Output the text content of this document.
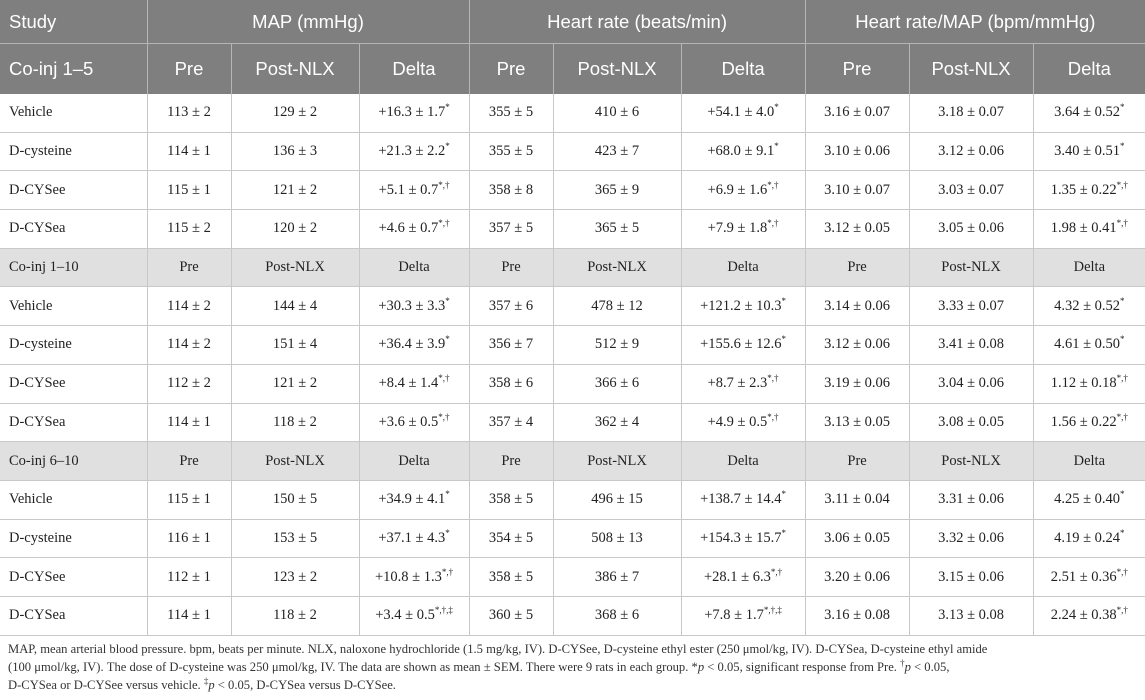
Study	MAP (mmHg)			Heart rate (beats/min)			Heart rate/MAP (bpm/mmHg)		
Co-inj 1–5	Pre	Post-NLX	Delta	Pre	Post-NLX	Delta	Pre	Post-NLX	Delta
Vehicle	113 ± 2	129 ± 2	+16.3 ± 1.7*	355 ± 5	410 ± 6	+54.1 ± 4.0*	3.16 ± 0.07	3.18 ± 0.07	3.64 ± 0.52*
D-cysteine	114 ± 1	136 ± 3	+21.3 ± 2.2*	355 ± 5	423 ± 7	+68.0 ± 9.1*	3.10 ± 0.06	3.12 ± 0.06	3.40 ± 0.51*
D-CYSee	115 ± 1	121 ± 2	+5.1 ± 0.7*,†	358 ± 8	365 ± 9	+6.9 ± 1.6*,†	3.10 ± 0.07	3.03 ± 0.07	1.35 ± 0.22*,†
D-CYSea	115 ± 2	120 ± 2	+4.6 ± 0.7*,†	357 ± 5	365 ± 5	+7.9 ± 1.8*,†	3.12 ± 0.05	3.05 ± 0.06	1.98 ± 0.41*,†
Co-inj 1–10	Pre	Post-NLX	Delta	Pre	Post-NLX	Delta	Pre	Post-NLX	Delta
Vehicle	114 ± 2	144 ± 4	+30.3 ± 3.3*	357 ± 6	478 ± 12	+121.2 ± 10.3*	3.14 ± 0.06	3.33 ± 0.07	4.32 ± 0.52*
D-cysteine	114 ± 2	151 ± 4	+36.4 ± 3.9*	356 ± 7	512 ± 9	+155.6 ± 12.6*	3.12 ± 0.06	3.41 ± 0.08	4.61 ± 0.50*
D-CYSee	112 ± 2	121 ± 2	+8.4 ± 1.4*,†	358 ± 6	366 ± 6	+8.7 ± 2.3*,†	3.19 ± 0.06	3.04 ± 0.06	1.12 ± 0.18*,†
D-CYSea	114 ± 1	118 ± 2	+3.6 ± 0.5*,†	357 ± 4	362 ± 4	+4.9 ± 0.5*,†	3.13 ± 0.05	3.08 ± 0.05	1.56 ± 0.22*,†
Co-inj 6–10	Pre	Post-NLX	Delta	Pre	Post-NLX	Delta	Pre	Post-NLX	Delta
Vehicle	115 ± 1	150 ± 5	+34.9 ± 4.1*	358 ± 5	496 ± 15	+138.7 ± 14.4*	3.11 ± 0.04	3.31 ± 0.06	4.25 ± 0.40*
D-cysteine	116 ± 1	153 ± 5	+37.1 ± 4.3*	354 ± 5	508 ± 13	+154.3 ± 15.7*	3.06 ± 0.05	3.32 ± 0.06	4.19 ± 0.24*
D-CYSee	112 ± 1	123 ± 2	+10.8 ± 1.3*,†	358 ± 5	386 ± 7	+28.1 ± 6.3*,†	3.20 ± 0.06	3.15 ± 0.06	2.51 ± 0.36*,†
D-CYSea	114 ± 1	118 ± 2	+3.4 ± 0.5*,†,‡	360 ± 5	368 ± 6	+7.8 ± 1.7*,†,‡	3.16 ± 0.08	3.13 ± 0.08	2.24 ± 0.38*,†
MAP, mean arterial blood pressure. bpm, beats per minute. NLX, naloxone hydrochloride (1.5 mg/kg, IV). D-CYSee, D-cysteine ethyl ester (250 μmol/kg, IV). D-CYSea, D-cysteine ethyl amide
(100 μmol/kg, IV). The dose of D-cysteine was 250 μmol/kg, IV. The data are shown as mean ± SEM. There were 9 rats in each group. *p < 0.05, significant response from Pre. †p < 0.05,
D-CYSea or D-CYSee versus vehicle. ‡p < 0.05, D-CYSea versus D-CYSee.
